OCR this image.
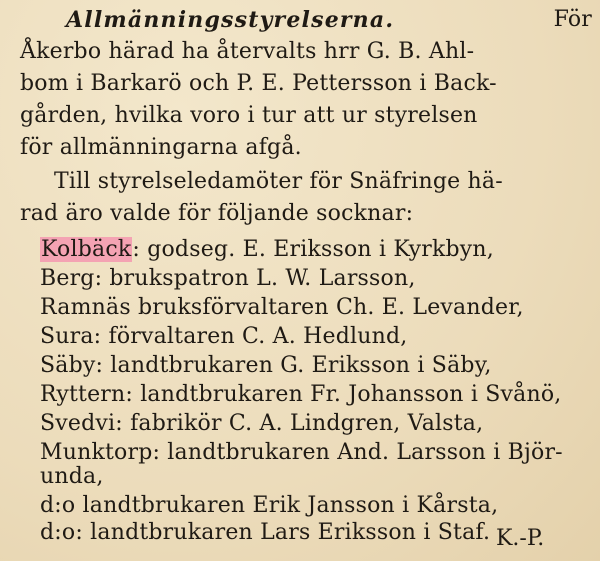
Allmänningsstyrelserna.	För
Åkerbo härad ha återvalts hrr G. B. Ahl-
bom i Barkarö och P. E. Pettersson i Back-
gården, hvilka voro i tur att ur styrelsen
för allmänningarna afgå.
Till styrelseledamöter för Snäfringe hä-
rad äro valde för följande socknar:
Kolbäck: godseg. E. Eriksson i Kyrkbyn,
Berg: brukspatron L. W. Larsson,
Ramnäs bruksförvaltaren Ch. E. Levander,
Sura: förvaltaren C. A. Hedlund,
Säby: landtbrukaren G. Eriksson i Säby,
Ryttern: landtbrukaren Fr. Johansson i Svånö,
Svedvi: fabrikör C. A. Lindgren, Valsta,
Munktorp: landtbrukaren And. Larsson i Björ-
unda,
d:o landtbrukaren Erik Jansson i Kårsta,
d:o: landtbrukaren Lars Eriksson i Staf. K.-P.
